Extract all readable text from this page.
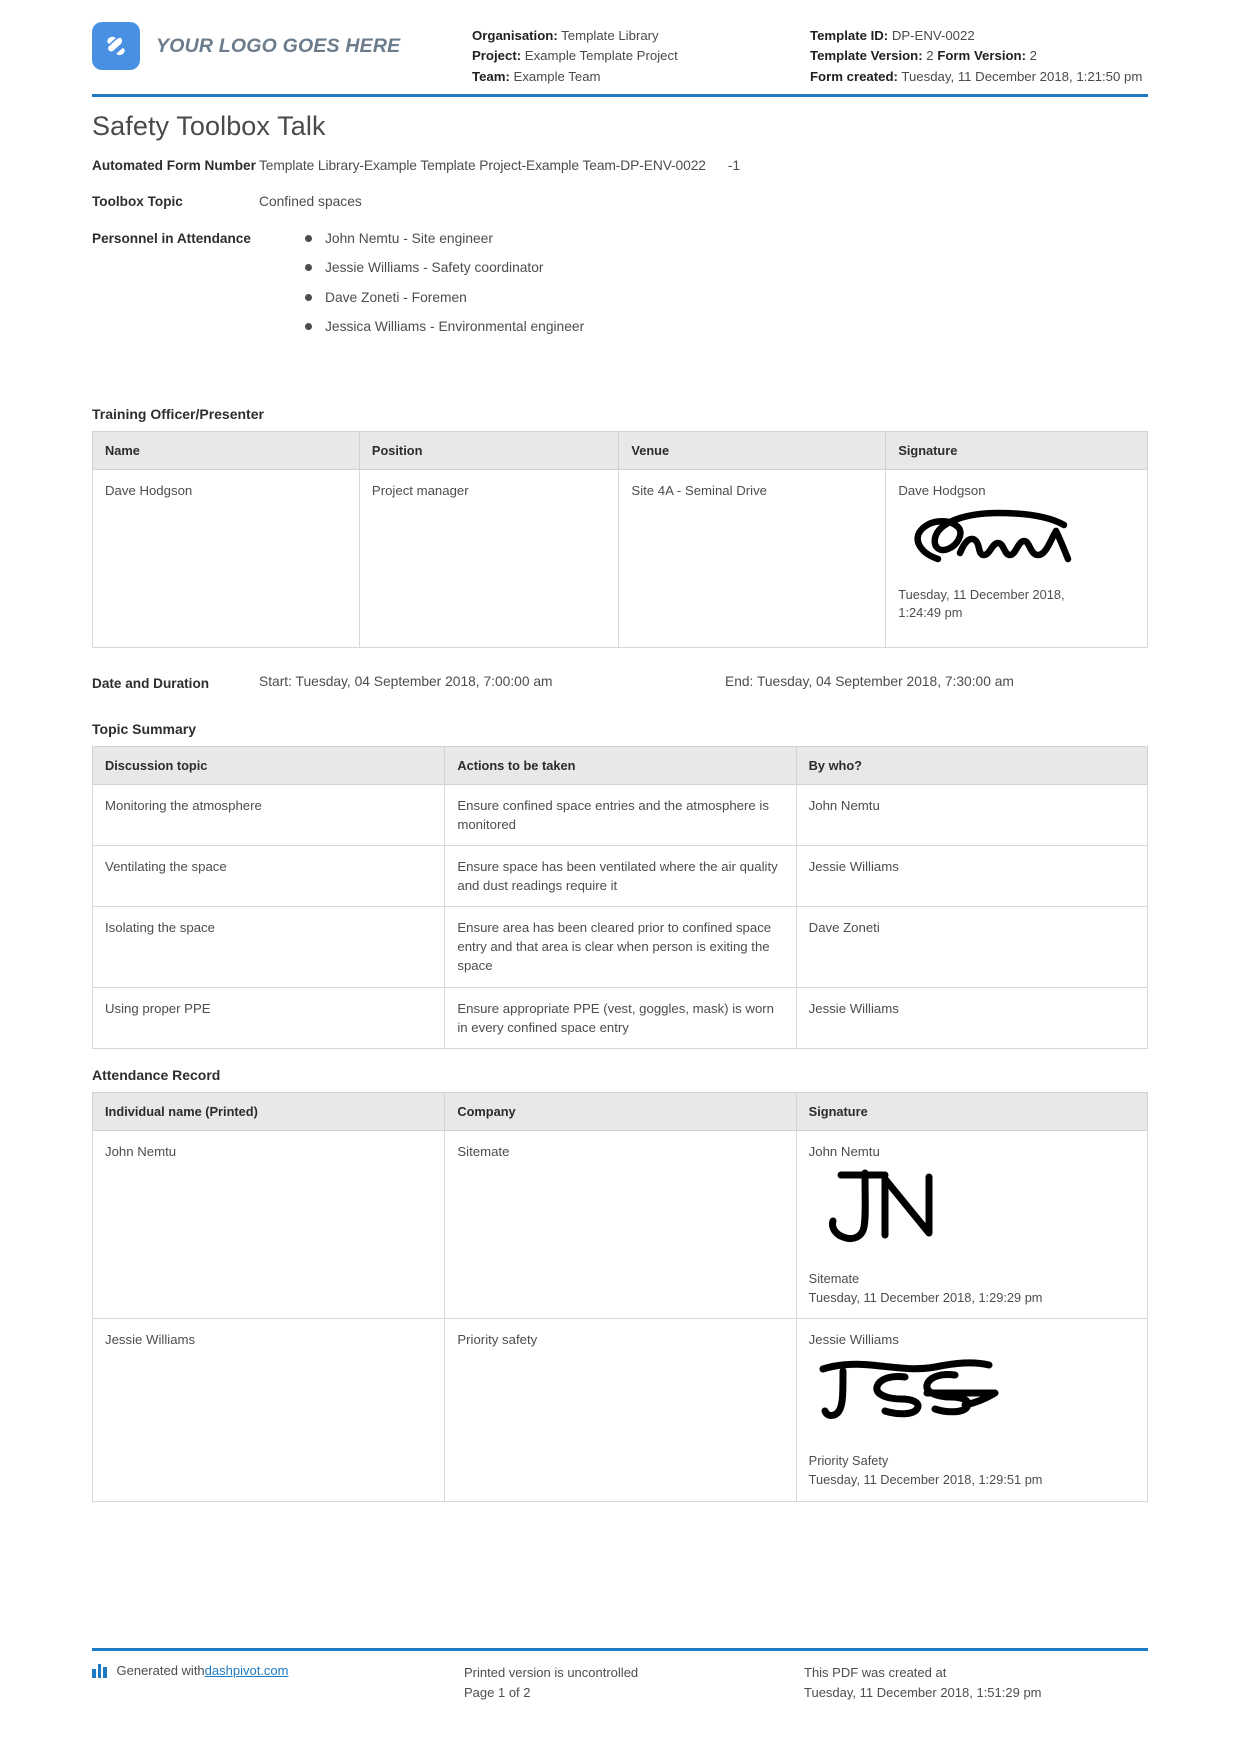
YOUR LOGO GOES HERE	Organisation: Template Library
Project: Example Template Project
Team: Example Team
Template ID: DP-ENV-0022
Template Version: 2 Form Version: 2
Form created: Tuesday, 11 December 2018, 1:21:50 pm
Safety Toolbox Talk
Automated Form Number Template Library-Example Template Project-Example Team-DP-ENV-0022 -1
Toolbox Topic	Confined spaces
Personnel in Attendance	John Nemtu - Site engineer
Jessie Williams - Safety coordinator
Dave Zoneti - Foremen
Jessica Williams - Environmental engineer
Training Officer/Presenter
Name	Position	Venue	Signature
Dave Hodgson	Project manager	Site 4A - Seminal Drive	Dave Hodgson
Tuesday, 11 December 2018,
1:24:49 pm
Date and Duration	Start: Tuesday, 04 September 2018, 7:00:00 am	End: Tuesday, 04 September 2018, 7:30:00 am
Topic Summary
Discussion topic	Actions to be taken	By who?
Monitoring the atmosphere	Ensure confined space entries and the atmosphere is monitored	John Nemtu
Ventilating the space	Ensure space has been ventilated where the air quality and dust readings require it	Jessie Williams
Isolating the space	Ensure area has been cleared prior to confined space entry and that area is clear when person is exiting the space	Dave Zoneti
Using proper PPE	Ensure appropriate PPE (vest, goggles, mask) is worn in every confined space entry	Jessie Williams
Attendance Record
Individual name (Printed)	Company	Signature
John Nemtu	Sitemate	John Nemtu
Sitemate
Tuesday, 11 December 2018, 1:29:29 pm

Jessie Williams	Priority safety	Jessie Williams
Priority Safety
Tuesday, 11 December 2018, 1:29:51 pm
Generated with dashpivot.com	Printed version is uncontrolled
Page 1 of 2
This PDF was created at
Tuesday, 11 December 2018, 1:51:29 pm
